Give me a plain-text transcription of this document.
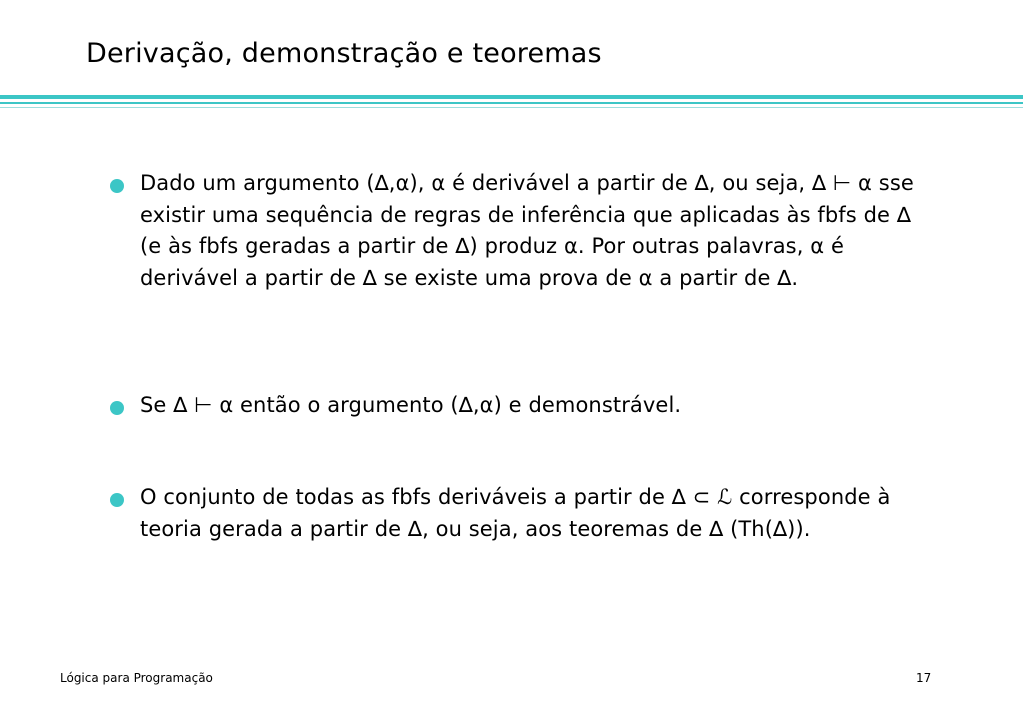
Derivação, demonstração e teoremas
Dado um argumento (∆,α), α é derivável a partir de ∆, ou seja, ∆ ⊢ α sse existir uma sequência de regras de inferência que aplicadas às fbfs de ∆ (e às fbfs geradas a partir de ∆) produz α. Por outras palavras, α é derivável a partir de ∆ se existe uma prova de α a partir de ∆.
Se ∆ ⊢ α então o argumento (∆,α) e demonstrável.
O conjunto de todas as fbfs deriváveis a partir de ∆ ⊂ ℒ corresponde à teoria gerada a partir de ∆, ou seja, aos teoremas de ∆ (Th(∆)).
Lógica para Programação	17
